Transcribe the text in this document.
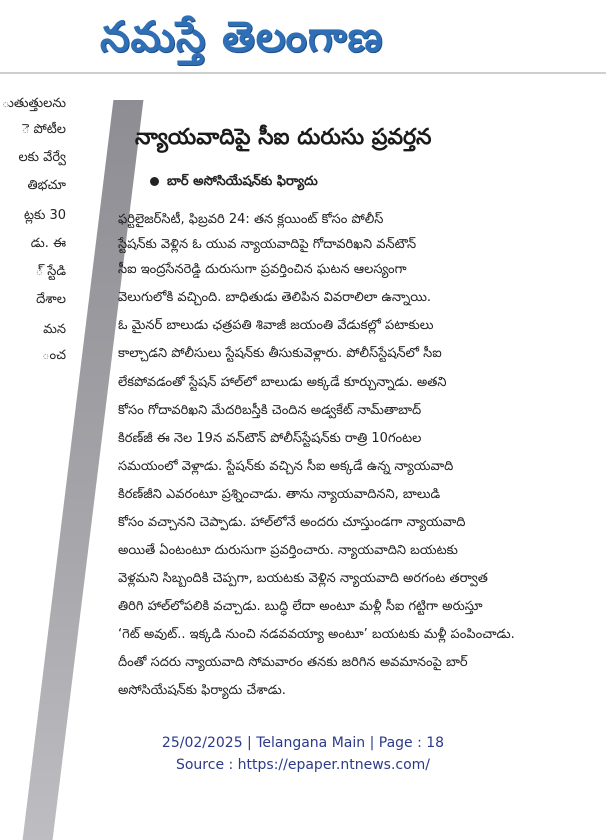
నమస్తే తెలంగాణ
ుతుత్తులను
ె పోటీల
లకు వేర్వే
తిభచూ
ట్లకు 30
డు. ఈ
్ స్టేడి
దేశాల
మన
ంచ
న్యాయవాదిపై సీఐ దురుసు ప్రవర్తన
బార్ అసోసియేషన్‌కు ఫిర్యాదు
ఫర్టిలైజర్‌సిటీ, ఫిబ్రవరి 24: తన క్లయింట్ కోసం పోలీస్
స్టేషన్‌కు వెళ్లిన ఓ యువ న్యాయవాదిపై గోదావరిఖని వన్‌టౌన్
సీఐ ఇంద్రసేనరెడ్డి దురుసుగా ప్రవర్తించిన ఘటన ఆలస్యంగా
వెలుగులోకి వచ్చింది. బాధితుడు తెలిపిన వివరాలిలా ఉన్నాయి.
ఓ మైనర్ బాలుడు ఛత్రపతి శివాజీ జయంతి వేడుకల్లో పటాకులు
కాల్చాడని పోలీసులు స్టేషన్‌కు తీసుకువెళ్లారు. పోలీస్‌స్టేషన్‌లో సీఐ
లేకపోవడంతో స్టేషన్ హాల్‌లో బాలుడు అక్కడే కూర్చున్నాడు. అతని
కోసం గోదావరిఖని మేదరిబస్తీకి చెందిన అడ్వకేట్ నామ్‌తాబాద్
కిరణ్‌జీ ఈ నెల 19న వన్‌టౌన్ పోలీస్‌స్టేషన్‌కు రాత్రి 10గంటల
సమయంలో వెళ్లాడు. స్టేషన్‌కు వచ్చిన సీఐ అక్కడే ఉన్న న్యాయవాది
కిరణ్‌జీని ఎవరంటూ ప్రశ్నించాడు. తాను న్యాయవాదినని, బాలుడి
కోసం వచ్చానని చెప్పాడు. హాల్‌లోనే అందరు చూస్తుండగా న్యాయవాది
అయితే ఏంటంటూ దురుసుగా ప్రవర్తించారు. న్యాయవాదిని బయటకు
వెళ్లమని సిబ్బందికి చెప్పగా, బయటకు వెళ్లిన న్యాయవాది అరగంట తర్వాత
తిరిగి హాల్‌లోపలికి వచ్చాడు. బుద్ధి లేదా అంటూ మళ్లీ సీఐ గట్టిగా అరుస్తూ
‘గెట్ అవుట్.. ఇక్కడి నుంచి నడవవయ్యా అంటూ’ బయటకు మళ్లీ పంపించాడు.
దీంతో సదరు న్యాయవాది సోమవారం తనకు జరిగిన అవమానంపై బార్
అసోసియేషన్‌కు ఫిర్యాదు చేశాడు.
25/02/2025 | Telangana Main | Page : 18
Source : https://epaper.ntnews.com/
